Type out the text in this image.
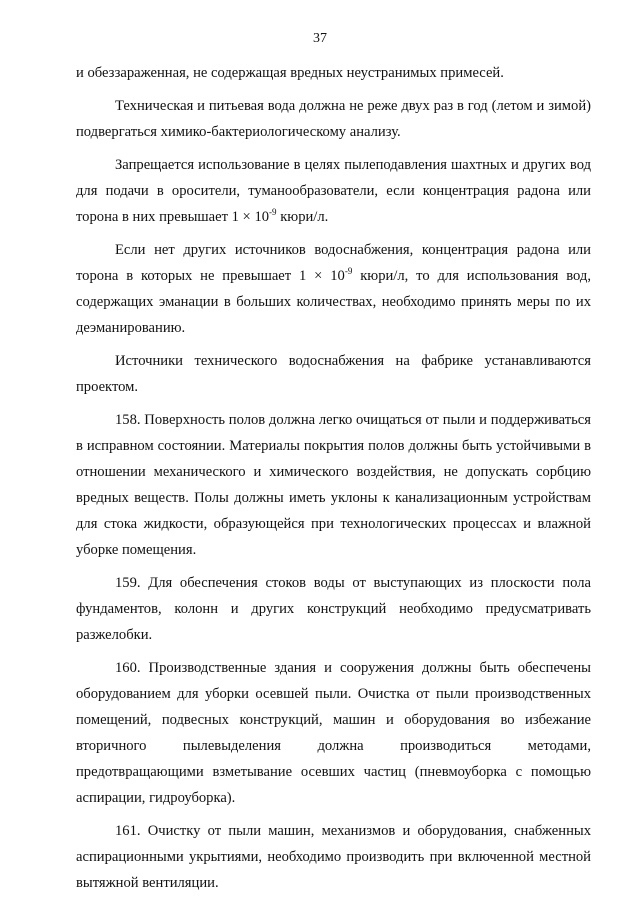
37

и обеззараженная, не содержащая вредных неустранимых примесей.

Техническая и питьевая вода должна не реже двух раз в год (летом и зимой) подвергаться химико-бактериологическому анализу.

Запрещается использование в целях пылеподавления шахтных и других вод для подачи в оросители, туманообразователи, если концентрация радона или торона в них превышает $1 \times 10^{-9}$ кюри/л.

Если нет других источников водоснабжения, концентрация радона или торона в которых не превышает $1 \times 10^{-9}$ кюри/л, то для использования вод, содержащих эманации в больших количествах, необходимо принять меры по их деэманированию.

Источники технического водоснабжения на фабрике устанавливаются проектом.

158. Поверхность полов должна легко очищаться от пыли и поддерживаться в исправном состоянии. Материалы покрытия полов должны быть устойчивыми в отношении механического и химического воздействия, не допускать сорбцию вредных веществ. Полы должны иметь уклоны к канализационным устройствам для стока жидкости, образующейся при технологических процессах и влажной уборке помещения.

159. Для обеспечения стоков воды от выступающих из плоскости пола фундаментов, колонн и других конструкций необходимо предусматривать разжелобки.

160. Производственные здания и сооружения должны быть обеспечены оборудованием для уборки осевшей пыли. Очистка от пыли производственных помещений, подвесных конструкций, машин и оборудования во избежание вторичного пылевыделения должна производиться методами, предотвращающими взметывание осевших частиц (пневмоуборка с помощью аспирации, гидроуборка).

161. Очистку от пыли машин, механизмов и оборудования, снабженных аспирационными укрытиями, необходимо производить при включенной местной вытяжной вентиляции.
